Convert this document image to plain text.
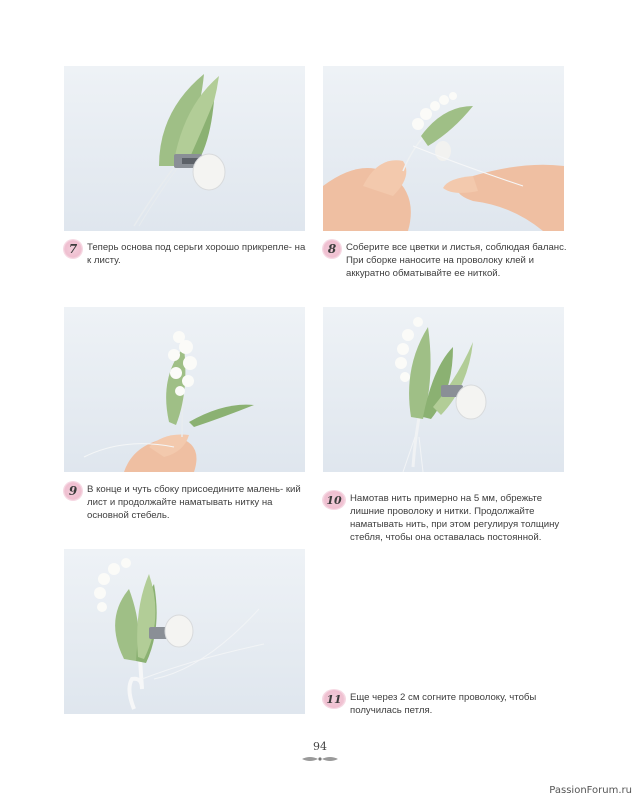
7	Теперь основа под серьги хорошо прикрепле- на к листу.
8	Соберите все цветки и листья, соблюдая баланс. При сборке наносите на проволоку клей и аккуратно обматывайте ее ниткой.
9	В конце и чуть сбоку присоедините малень- кий лист и продолжайте наматывать нитку на основной стебель.
10 Намотав нить примерно на 5 мм, обрежьте лишние проволоку и нитки. Продолжайте наматывать нить, при этом регулируя толщину стебля, чтобы она оставалась постоянной.
11 Еще через 2 см согните проволоку, чтобы получилась петля.
94
PassionForum.ru
